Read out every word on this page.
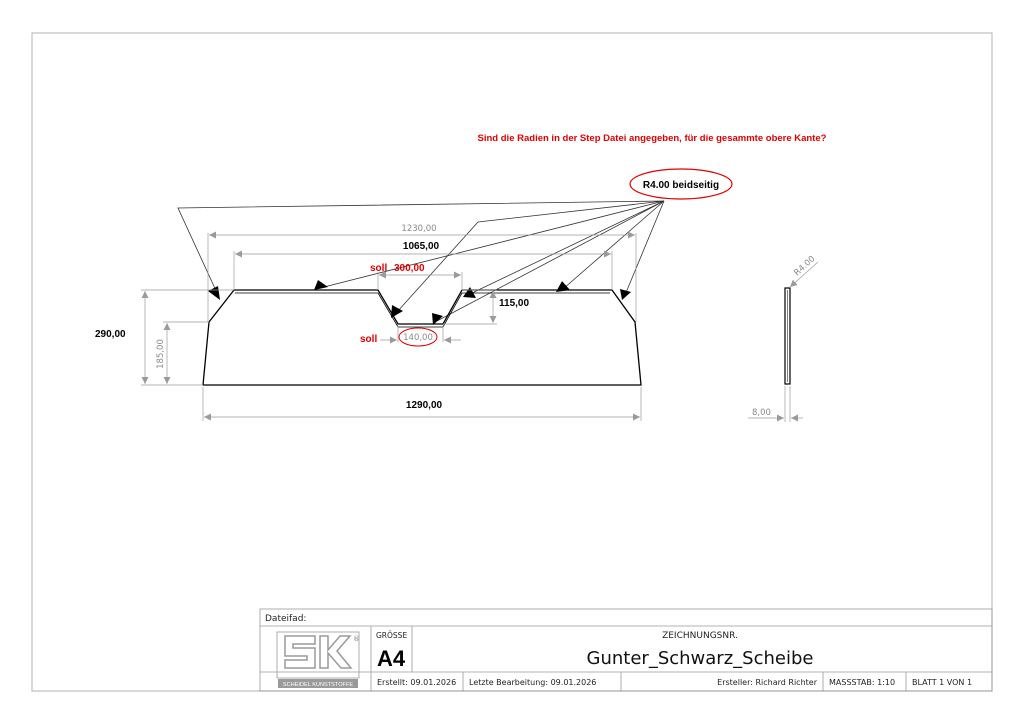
Sind die Radien in der Step Datei angegeben, für die gesammte obere Kante?
R4.00 beidseitig
1230,00
1065,00
soll 300,00
115,00
soll	140,00
290,00
185,00
1290,00
R4.00
8,00
Dateifad:
SCHEIDEL KUNSTSTOFFE
® GRÖSSE
A4
ZEICHNUNGSNR.
Gunter_Schwarz_Scheibe
Erstellt: 09.01.2026 Letzte Bearbeitung: 09.01.2026	Ersteller: Richard Richter MASSSTAB: 1:10 BLATT 1 VON 1
